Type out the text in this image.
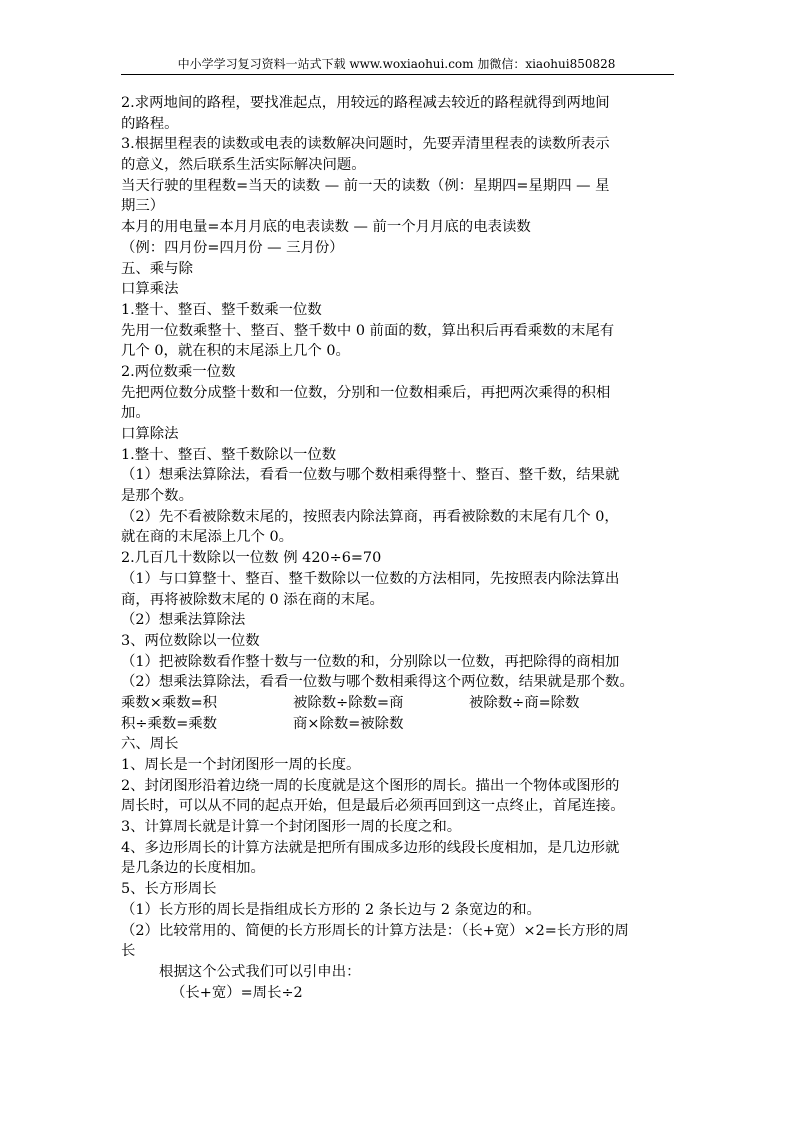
中小学学习复习资料一站式下载 www.woxiaohui.com 加微信：xiaohui850828
2.求两地间的路程，要找准起点，用较远的路程减去较近的路程就得到两地间
的路程。
3.根据里程表的读数或电表的读数解决问题时，先要弄清里程表的读数所表示
的意义，然后联系生活实际解决问题。
当天行驶的里程数=当天的读数 — 前一天的读数（例：星期四=星期四 — 星
期三）
本月的用电量=本月月底的电表读数 — 前一个月月底的电表读数
（例：四月份=四月份 — 三月份）
五、乘与除
口算乘法
1.整十、整百、整千数乘一位数
先用一位数乘整十、整百、整千数中 0 前面的数，算出积后再看乘数的末尾有
几个 0，就在积的末尾添上几个 0。
2.两位数乘一位数
先把两位数分成整十数和一位数，分别和一位数相乘后，再把两次乘得的积相
加。
口算除法
1.整十、整百、整千数除以一位数
（1）想乘法算除法，看看一位数与哪个数相乘得整十、整百、整千数，结果就
是那个数。
（2）先不看被除数末尾的，按照表内除法算商，再看被除数的末尾有几个 0，
就在商的末尾添上几个 0。
2.几百几十数除以一位数 例 420÷6=70
（1）与口算整十、整百、整千数除以一位数的方法相同，先按照表内除法算出
商，再将被除数末尾的 0 添在商的末尾。
（2）想乘法算除法
3、两位数除以一位数
（1）把被除数看作整十数与一位数的和，分别除以一位数，再把除得的商相加
（2）想乘法算除法，看看一位数与哪个数相乘得这个两位数，结果就是那个数。
乘数×乘数=积	被除数÷除数=商	被除数÷商=除数
积÷乘数=乘数	商×除数=被除数
六、周长
1、周长是一个封闭图形一周的长度。
2、封闭图形沿着边绕一周的长度就是这个图形的周长。描出一个物体或图形的
周长时，可以从不同的起点开始，但是最后必须再回到这一点终止，首尾连接。
3、计算周长就是计算一个封闭图形一周的长度之和。
4、多边形周长的计算方法就是把所有围成多边形的线段长度相加，是几边形就
是几条边的长度相加。
5、长方形周长
（1）长方形的周长是指组成长方形的 2 条长边与 2 条宽边的和。
（2）比较常用的、简便的长方形周长的计算方法是：（长+宽）×2=长方形的周
长
根据这个公式我们可以引申出：
（长+宽）=周长÷2
